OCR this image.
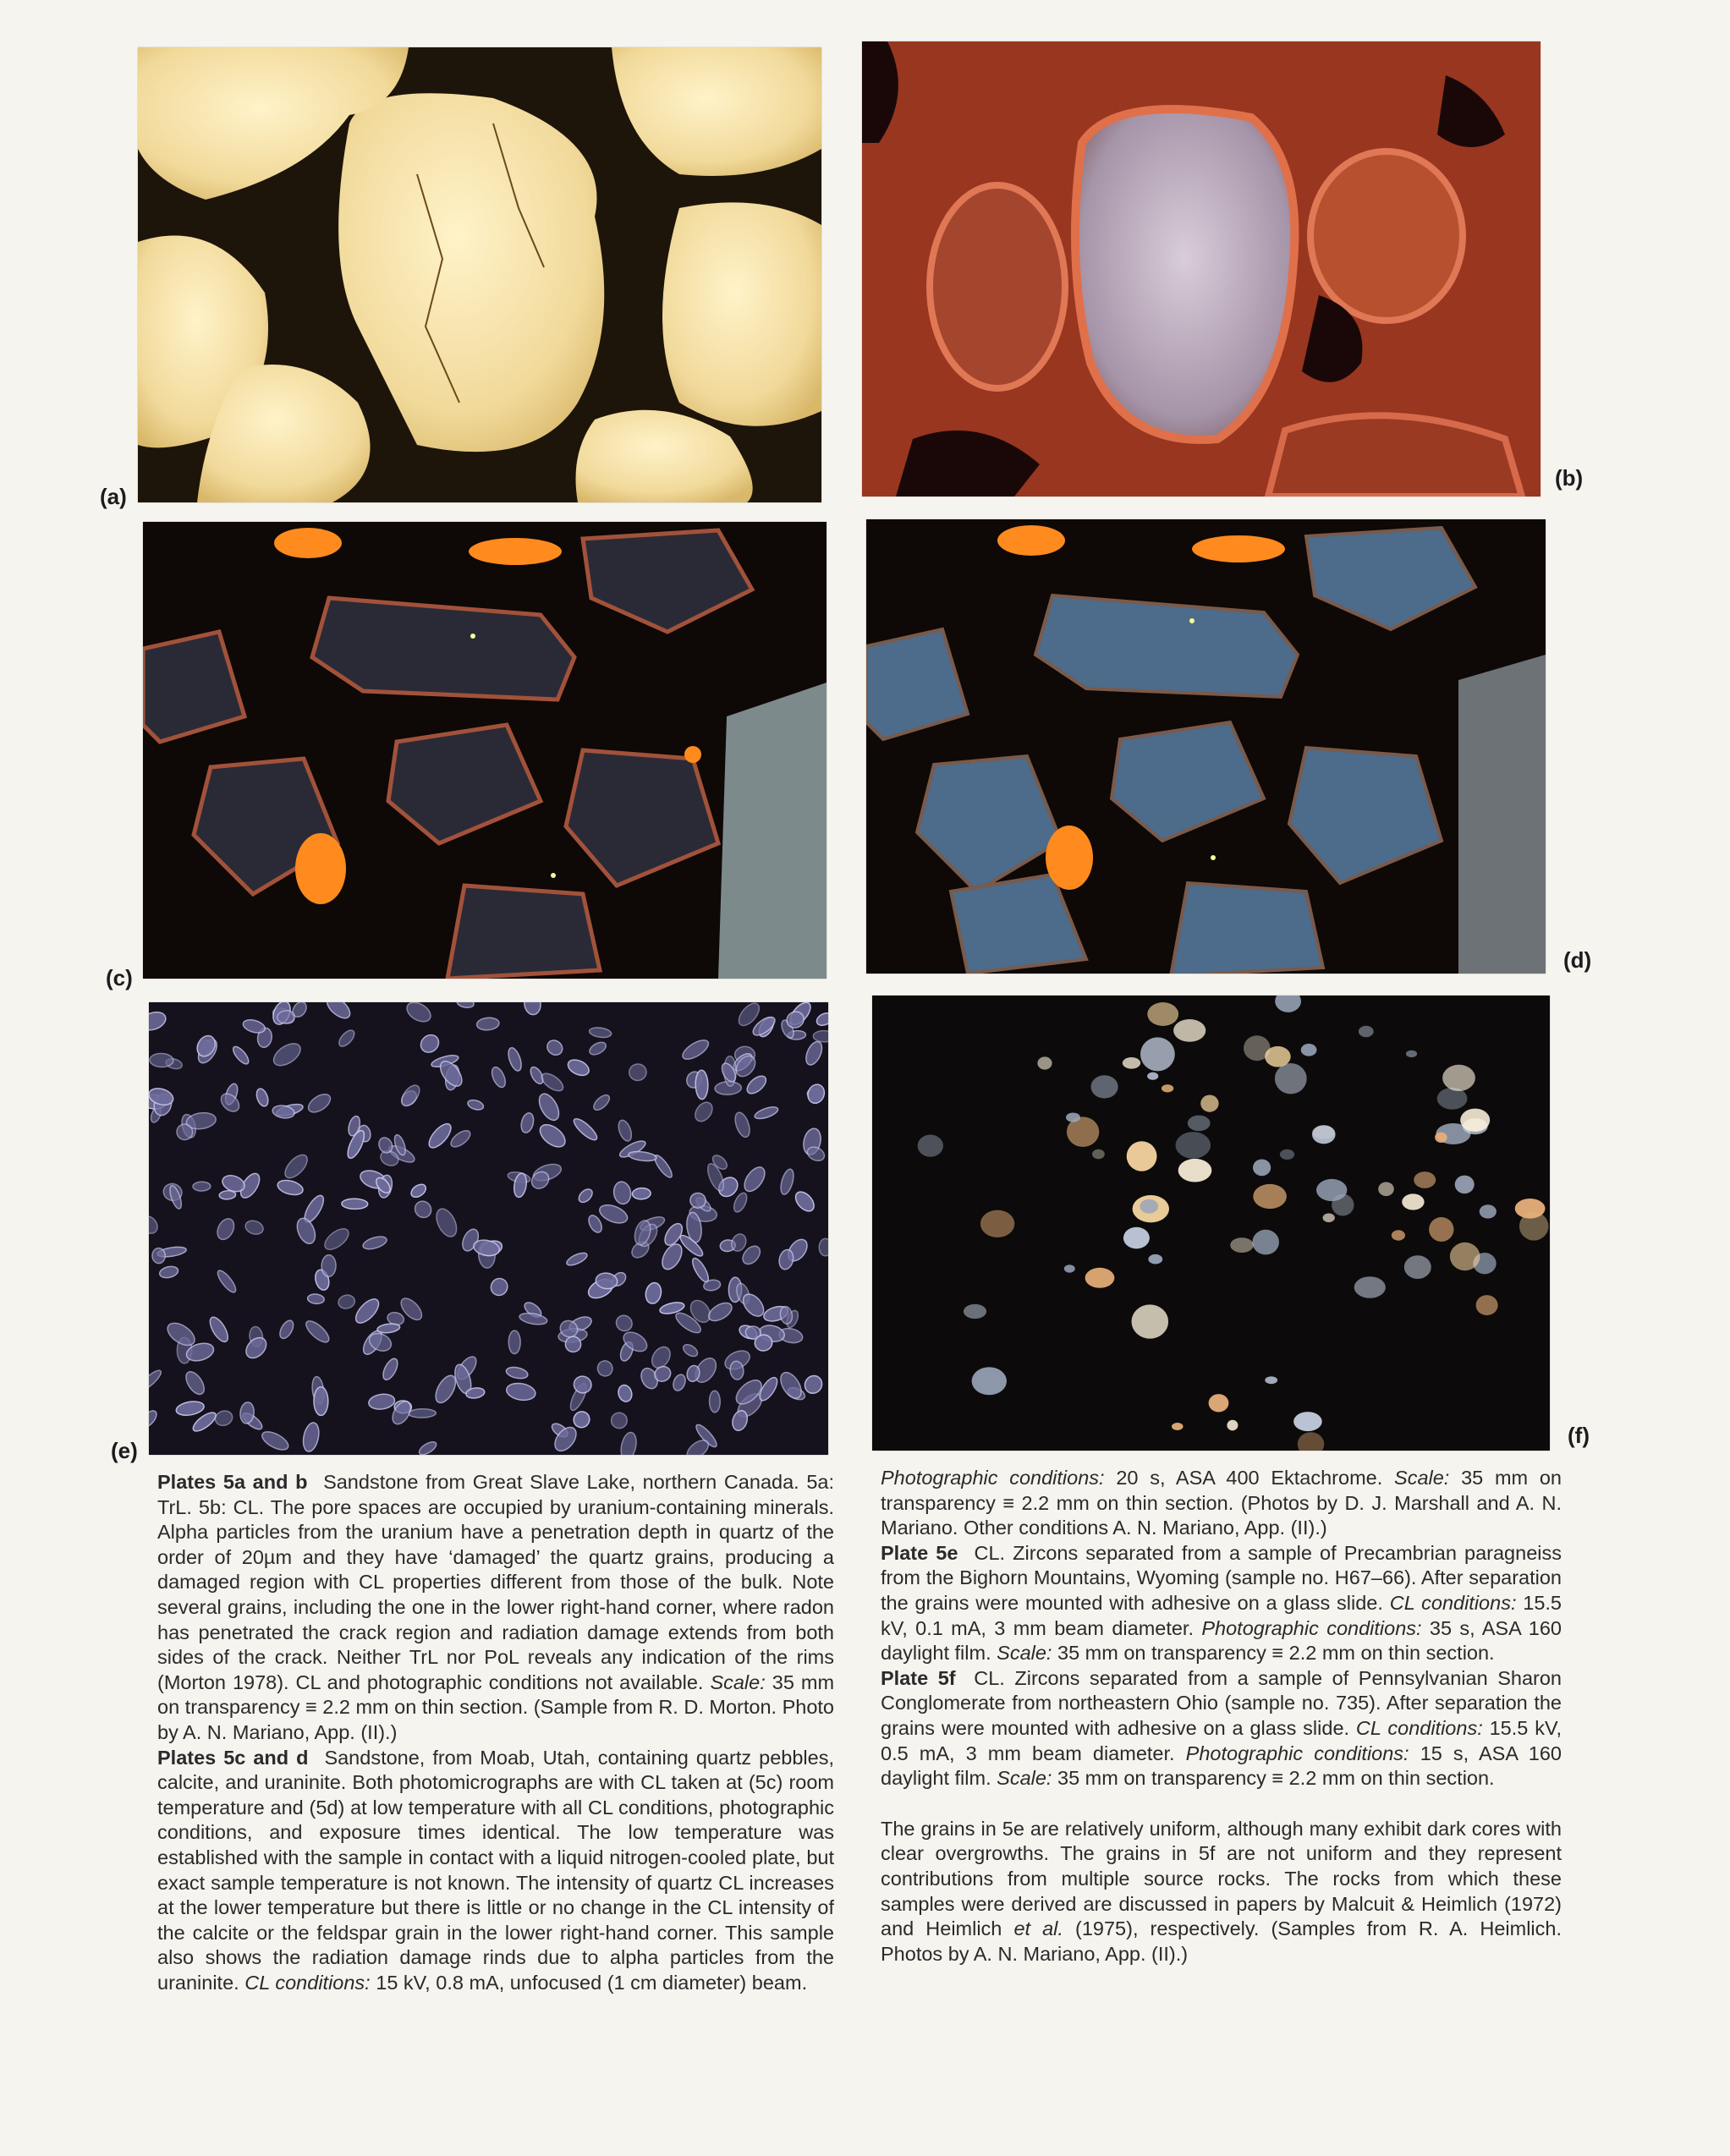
(a)
(b)
(c)
(d)
(e)
(f)

Plates 5a and b Sandstone from Great Slave Lake, northern Canada. 5a: TrL. 5b: CL. The pore spaces are occupied by uranium-containing minerals. Alpha particles from the uranium have a penetration depth in quartz of the order of 20µm and they have ‘damaged’ the quartz grains, producing a damaged region with CL properties different from those of the bulk. Note several grains, including the one in the lower right-hand corner, where radon has penetrated the crack region and radiation damage extends from both sides of the crack. Neither TrL nor PoL reveals any indication of the rims (Morton 1978). CL and photographic conditions not available. Scale: 35 mm on transparency ≡ 2.2 mm on thin section. (Sample from R. D. Morton. Photo by A. N. Mariano, App. (II).)

Plates 5c and d Sandstone, from Moab, Utah, containing quartz pebbles, calcite, and uraninite. Both photomicrographs are with CL taken at (5c) room temperature and (5d) at low temperature with all CL conditions, photographic conditions, and exposure times identical. The low temperature was established with the sample in contact with a liquid nitrogen-cooled plate, but exact sample temperature is not known. The intensity of quartz CL increases at the lower temperature but there is little or no change in the CL intensity of the calcite or the feldspar grain in the lower right-hand corner. This sample also shows the radiation damage rinds due to alpha particles from the uraninite. CL conditions: 15 kV, 0.8 mA, unfocused (1 cm diameter) beam.

Photographic conditions: 20 s, ASA 400 Ektachrome. Scale: 35 mm on transparency ≡ 2.2 mm on thin section. (Photos by D. J. Marshall and A. N. Mariano. Other conditions A. N. Mariano, App. (II).)

Plate 5e CL. Zircons separated from a sample of Precambrian paragneiss from the Bighorn Mountains, Wyoming (sample no. H67–66). After separation the grains were mounted with adhesive on a glass slide. CL conditions: 15.5 kV, 0.1 mA, 3 mm beam diameter. Photographic conditions: 35 s, ASA 160 daylight film. Scale: 35 mm on transparency ≡ 2.2 mm on thin section.

Plate 5f CL. Zircons separated from a sample of Pennsylvanian Sharon Conglomerate from northeastern Ohio (sample no. 735). After separation the grains were mounted with adhesive on a glass slide. CL conditions: 15.5 kV, 0.5 mA, 3 mm beam diameter. Photographic conditions: 15 s, ASA 160 daylight film. Scale: 35 mm on transparency ≡ 2.2 mm on thin section.

The grains in 5e are relatively uniform, although many exhibit dark cores with clear overgrowths. The grains in 5f are not uniform and they represent contributions from multiple source rocks. The rocks from which these samples were derived are discussed in papers by Malcuit & Heimlich (1972) and Heimlich et al. (1975), respectively. (Samples from R. A. Heimlich. Photos by A. N. Mariano, App. (II).)
